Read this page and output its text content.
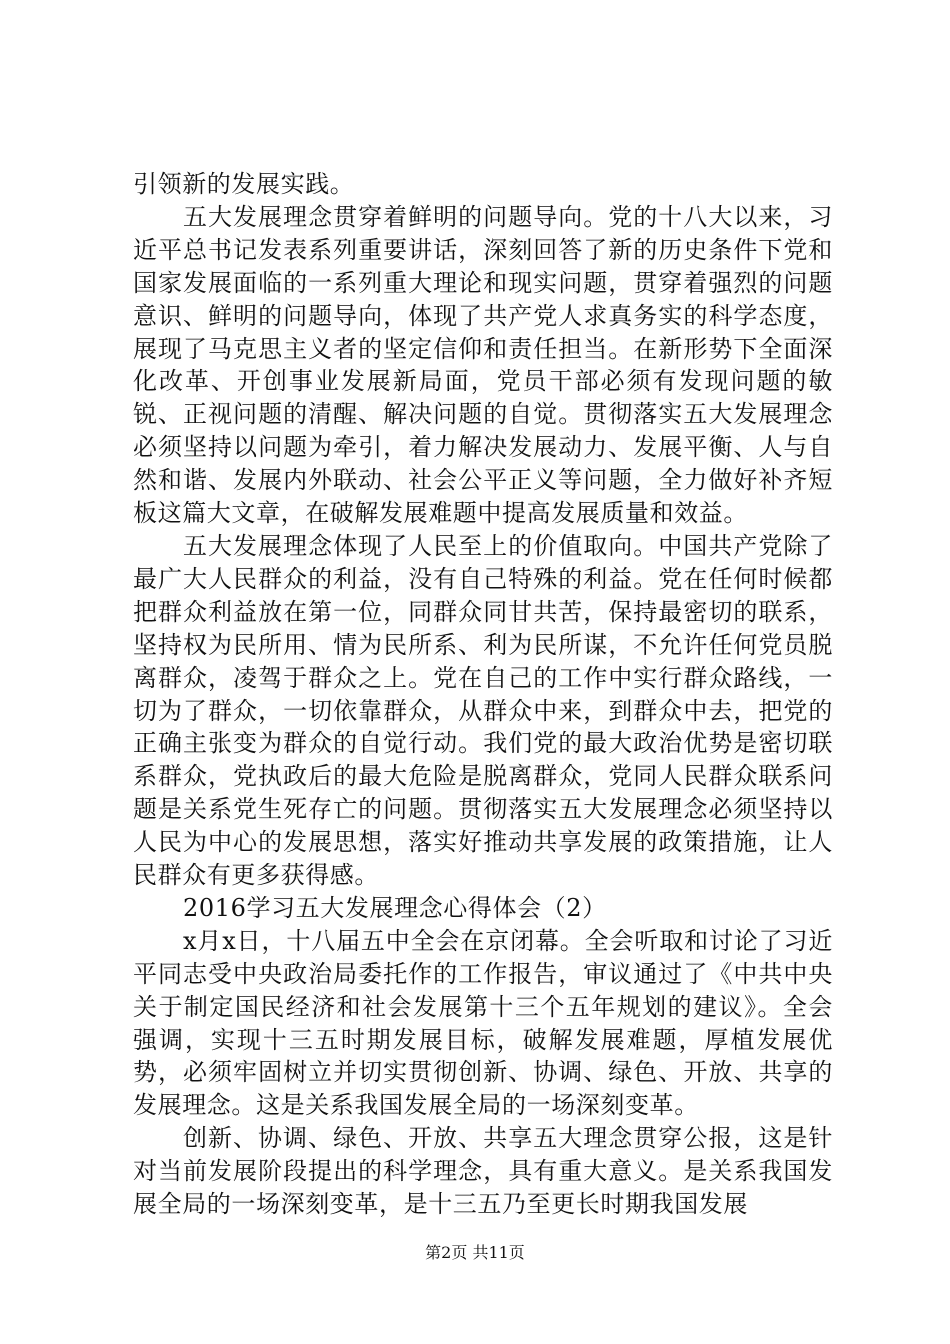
引领新的发展实践。

五大发展理念贯穿着鲜明的问题导向。党的十八大以来，习近平总书记发表系列重要讲话，深刻回答了新的历史条件下党和国家发展面临的一系列重大理论和现实问题，贯穿着强烈的问题意识、鲜明的问题导向，体现了共产党人求真务实的科学态度，展现了马克思主义者的坚定信仰和责任担当。在新形势下全面深化改革、开创事业发展新局面，党员干部必须有发现问题的敏锐、正视问题的清醒、解决问题的自觉。贯彻落实五大发展理念必须坚持以问题为牵引，着力解决发展动力、发展平衡、人与自然和谐、发展内外联动、社会公平正义等问题，全力做好补齐短板这篇大文章，在破解发展难题中提高发展质量和效益。

五大发展理念体现了人民至上的价值取向。中国共产党除了最广大人民群众的利益，没有自己特殊的利益。党在任何时候都把群众利益放在第一位，同群众同甘共苦，保持最密切的联系，坚持权为民所用、情为民所系、利为民所谋，不允许任何党员脱离群众，凌驾于群众之上。党在自己的工作中实行群众路线，一切为了群众，一切依靠群众，从群众中来，到群众中去，把党的正确主张变为群众的自觉行动。我们党的最大政治优势是密切联系群众，党执政后的最大危险是脱离群众，党同人民群众联系问题是关系党生死存亡的问题。贯彻落实五大发展理念必须坚持以人民为中心的发展思想，落实好推动共享发展的政策措施，让人民群众有更多获得感。

2016学习五大发展理念心得体会（2）

x月x日，十八届五中全会在京闭幕。全会听取和讨论了习近平同志受中央政治局委托作的工作报告，审议通过了《中共中央关于制定国民经济和社会发展第十三个五年规划的建议》。全会强调，实现十三五时期发展目标，破解发展难题，厚植发展优势，必须牢固树立并切实贯彻创新、协调、绿色、开放、共享的发展理念。这是关系我国发展全局的一场深刻变革。

创新、协调、绿色、开放、共享五大理念贯穿公报，这是针对当前发展阶段提出的科学理念，具有重大意义。是关系我国发展全局的一场深刻变革，是十三五乃至更长时期我国发展

第2页 共11页
